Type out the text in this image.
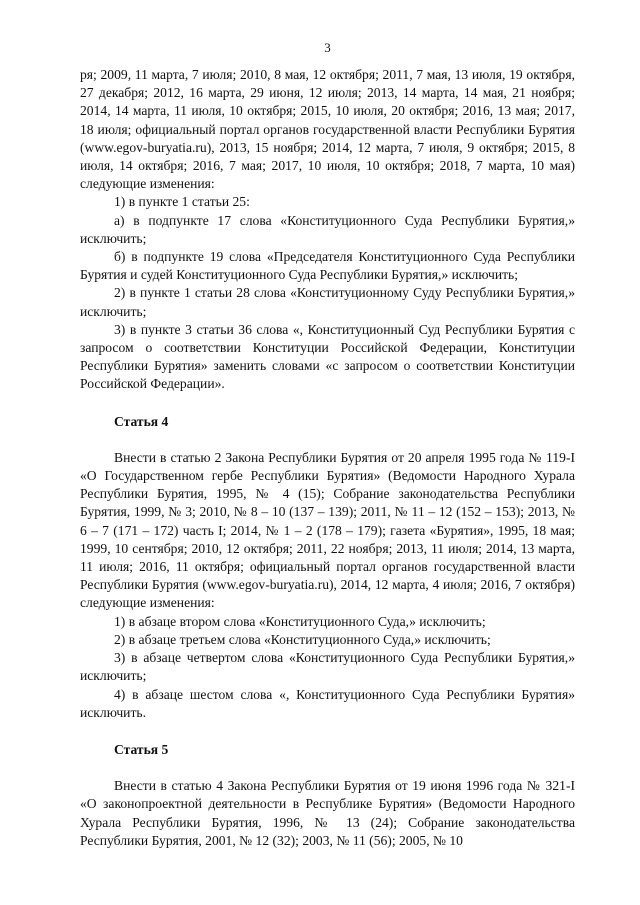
3

ря; 2009, 11 марта, 7 июля; 2010, 8 мая, 12 октября; 2011, 7 мая, 13 июля, 19 октября, 27 декабря; 2012, 16 марта, 29 июня, 12 июля; 2013, 14 марта, 14 мая, 21 ноября; 2014, 14 марта, 11 июля, 10 октября; 2015, 10 июля, 20 октября; 2016, 13 мая; 2017, 18 июля; официальный портал органов государственной власти Республики Бурятия (www.egov-buryatia.ru), 2013, 15 ноября; 2014, 12 марта, 7 июля, 9 октября; 2015, 8 июля, 14 октября; 2016, 7 мая; 2017, 10 июля, 10 октября; 2018, 7 марта, 10 мая) следующие изменения:

1) в пункте 1 статьи 25:

а) в подпункте 17 слова «Конституционного Суда Республики Бурятия,» исключить;

б) в подпункте 19 слова «Председателя Конституционного Суда Республики Бурятия и судей Конституционного Суда Республики Бурятия,» исключить;

2) в пункте 1 статьи 28 слова «Конституционному Суду Республики Бурятия,» исключить;

3) в пункте 3 статьи 36 слова «, Конституционный Суд Республики Бурятия с запросом о соответствии Конституции Российской Федерации, Конституции Республики Бурятия» заменить словами «с запросом о соответствии Конституции Российской Федерации».

Статья 4

Внести в статью 2 Закона Республики Бурятия от 20 апреля 1995 года № 119-I «О Государственном гербе Республики Бурятия» (Ведомости Народного Хурала Республики Бурятия, 1995, № 4 (15); Собрание законодательства Республики Бурятия, 1999, № 3; 2010, № 8 – 10 (137 – 139); 2011, № 11 – 12 (152 – 153); 2013, № 6 – 7 (171 – 172) часть I; 2014, № 1 – 2 (178 – 179); газета «Бурятия», 1995, 18 мая; 1999, 10 сентября; 2010, 12 октября; 2011, 22 ноября; 2013, 11 июля; 2014, 13 марта, 11 июля; 2016, 11 октября; официальный портал органов государственной власти Республики Бурятия (www.egov-buryatia.ru), 2014, 12 марта, 4 июля; 2016, 7 октября) следующие изменения:

1) в абзаце втором слова «Конституционного Суда,» исключить;

2) в абзаце третьем слова «Конституционного Суда,» исключить;

3) в абзаце четвертом слова «Конституционного Суда Республики Бурятия,» исключить;

4) в абзаце шестом слова «, Конституционного Суда Республики Бурятия» исключить.

Статья 5

Внести в статью 4 Закона Республики Бурятия от 19 июня 1996 года № 321-I «О законопроектной деятельности в Республике Бурятия» (Ведомости Народного Хурала Республики Бурятия, 1996, № 13 (24); Собрание законодательства Республики Бурятия, 2001, № 12 (32); 2003, № 11 (56); 2005, № 10
